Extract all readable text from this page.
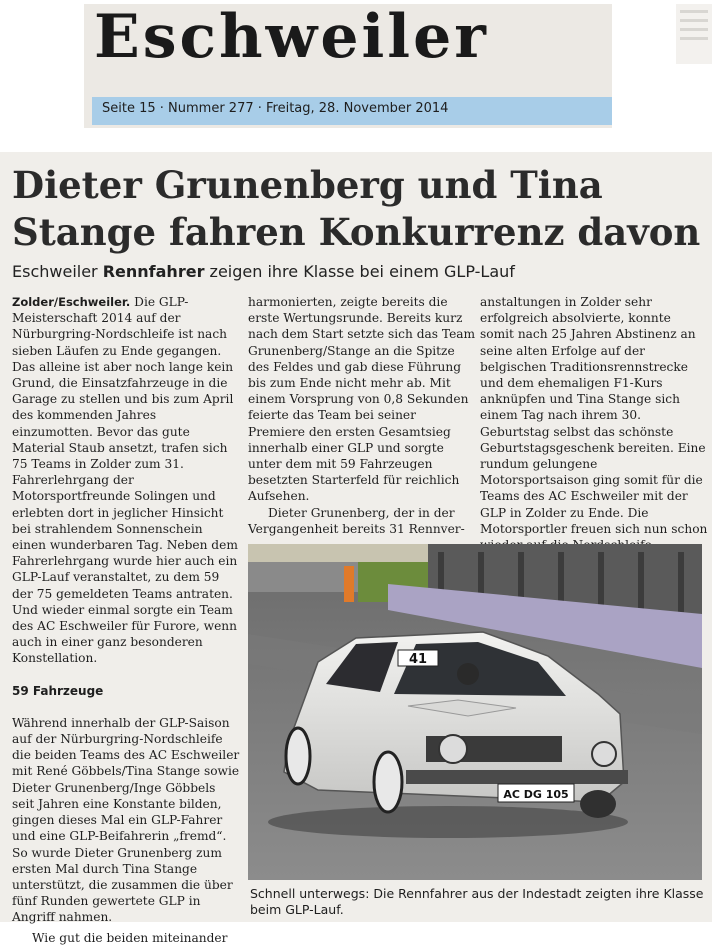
Eschweiler
Seite 15 · Nummer 277 · Freitag, 28. November 2014
Dieter Grunenberg und Tina Stange fahren Konkurrenz davon
Eschweiler Rennfahrer zeigen ihre Klasse bei einem GLP-Lauf

Zolder/Eschweiler. Die GLP-Meisterschaft 2014 auf der Nürburgring-Nordschleife ist nach sieben Läufen zu Ende gegangen. Das alleine ist aber noch lange kein Grund, die Einsatzfahrzeuge in die Garage zu stellen und bis zum April des kommenden Jahres einzumotten. Bevor das gute Material Staub ansetzt, trafen sich 75 Teams in Zolder zum 31. Fahrerlehrgang der Motorsportfreunde Solingen und erlebten dort in jeglicher Hinsicht bei strahlendem Sonnenschein einen wunderbaren Tag. Neben dem Fahrerlehrgang wurde hier auch ein GLP-Lauf veranstaltet, zu dem 59 der 75 gemeldeten Teams antraten. Und wieder einmal sorgte ein Team des AC Eschweiler für Furore, wenn auch in einer ganz besonderen Konstellation.

59 Fahrzeuge

Während innerhalb der GLP-Saison auf der Nürburgring-Nordschleife die beiden Teams des AC Eschweiler mit René Göbbels/Tina Stange sowie Dieter Grunenberg/Inge Göbbels seit Jahren eine Konstante bilden, gingen dieses Mal ein GLP-Fahrer und eine GLP-Beifahrerin „fremd“. So wurde Dieter Grunenberg zum ersten Mal durch Tina Stange unterstützt, die zusammen die über fünf Runden gewertete GLP in Angriff nahmen.

Wie gut die beiden miteinander

harmonierten, zeigte bereits die erste Wertungsrunde. Bereits kurz nach dem Start setzte sich das Team Grunenberg/Stange an die Spitze des Feldes und gab diese Führung bis zum Ende nicht mehr ab. Mit einem Vorsprung von 0,8 Sekunden feierte das Team bei seiner Premiere den ersten Gesamtsieg innerhalb einer GLP und sorgte unter dem mit 59 Fahrzeugen besetzten Starterfeld für reichlich Aufsehen.

Dieter Grunenberg, der in der Vergangenheit bereits 31 Rennver-

anstaltungen in Zolder sehr erfolgreich absolvierte, konnte somit nach 25 Jahren Abstinenz an seine alten Erfolge auf der belgischen Traditionsrennstrecke und dem ehemaligen F1-Kurs anknüpfen und Tina Stange sich einem Tag nach ihrem 30. Geburtstag selbst das schönste Geburtstagsgeschenk bereiten. Eine rundum gelungene Motorsportsaison ging somit für die Teams des AC Eschweiler mit der GLP in Zolder zu Ende. Die Motorsportler freuen sich nun schon

41
AC DG 105
Schnell unterwegs: Die Rennfahrer aus der Indestadt zeigten ihre Klasse beim GLP-Lauf.
